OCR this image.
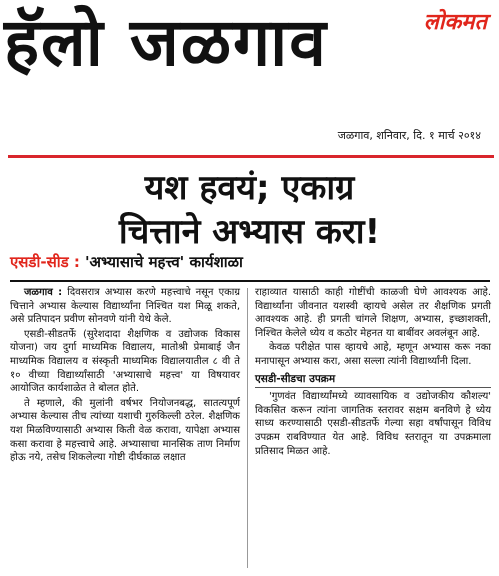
हॅलो जळगाव	लोकमत
जळगाव, शनिवार, दि. १ मार्च २०१४
यश हवयं; एकाग्र
चित्ताने अभ्यास करा!
एसडी-सीड : 'अभ्यासाचे महत्त्व' कार्यशाळा

जळगाव : दिवसरात्र अभ्यास करणे महत्त्वाचे नसून एकाग्र चित्ताने अभ्यास केल्यास विद्यार्थ्यांना निश्चित यश मिळू शकते, असे प्रतिपादन प्रवीण सोनवणे यांनी येथे केले.

एसडी-सीडतर्फे (सुरेशदादा शैक्षणिक व उद्योजक विकास योजना) जय दुर्गा माध्यमिक विद्यालय, मातोश्री प्रेमाबाई जैन माध्यमिक विद्यालय व संस्कृती माध्यमिक विद्यालयातील ८ वी ते १० वीच्या विद्यार्थ्यांसाठी 'अभ्यासाचे महत्त्व' या विषयावर आयोजित कार्यशाळेत ते बोलत होते.

ते म्हणाले, की मुलांनी वर्षभर नियोजनबद्ध, सातत्यपूर्ण अभ्यास केल्यास तीच त्यांच्या यशाची गुरुकिल्ली ठरेल. शैक्षणिक यश मिळविण्यासाठी अभ्यास किती वेळ करावा, यापेक्षा अभ्यास कसा करावा हे महत्त्वाचे आहे. अभ्यासाचा मानसिक ताण निर्माण होऊ नये, तसेच शिकलेल्या गोष्टी दीर्घकाळ लक्षात

राहाव्यात यासाठी काही गोष्टींची काळजी घेणे आवश्यक आहे. विद्यार्थ्यांना जीवनात यशस्वी व्हायचे असेल तर शैक्षणिक प्रगती आवश्यक आहे. ही प्रगती चांगले शिक्षण, अभ्यास, इच्छाशक्ती, निश्चित केलेले ध्येय व कठोर मेहनत या बाबींवर अवलंबून आहे.

केवळ परीक्षेत पास व्हायचे आहे, म्हणून अभ्यास करू नका मनापासून अभ्यास करा, असा सल्ला त्यांनी विद्यार्थ्यांनी दिला.

एसडी-सीडचा उपक्रम

'गुणवंत विद्यार्थ्यांमध्ये व्यावसायिक व उद्योजकीय कौशल्य' विकसित करून त्यांना जागतिक स्तरावर सक्षम बनविणे हे ध्येय साध्य करण्यासाठी एसडी-सीडतर्फे गेल्या सहा वर्षांपासून विविध उपक्रम राबविण्यात येत आहे. विविध स्तरातून या उपक्रमाला प्रतिसाद मिळत आहे.
